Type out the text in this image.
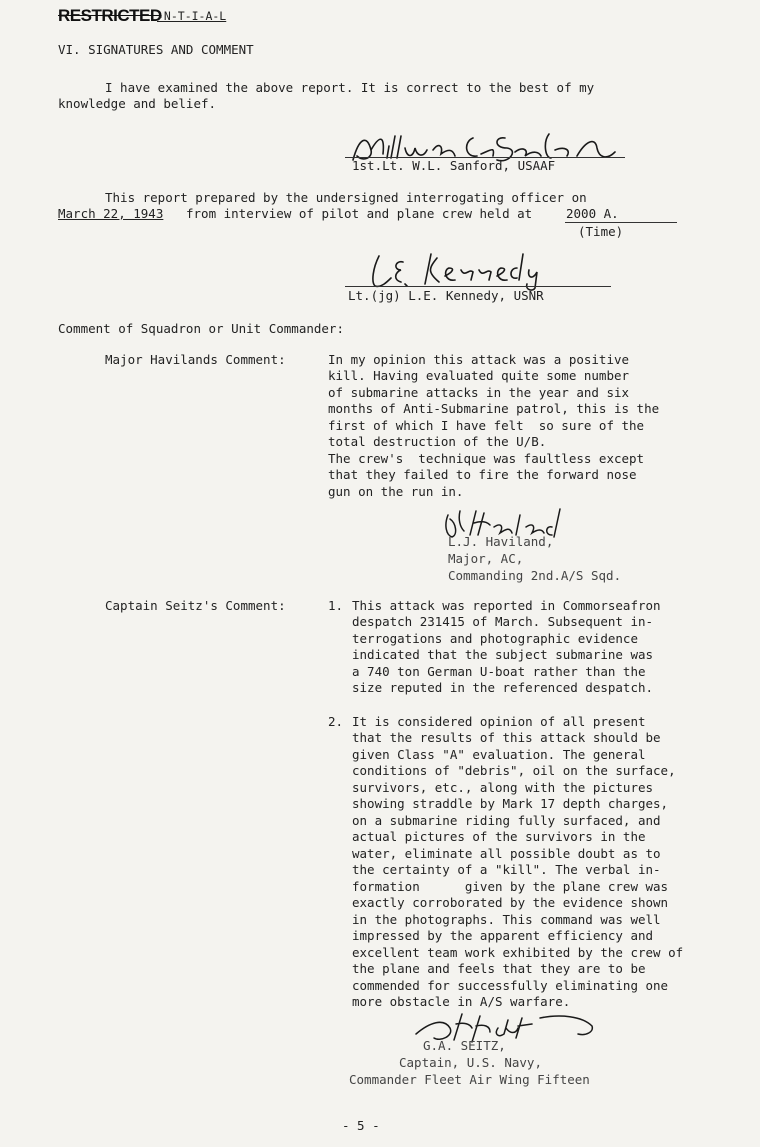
RESTRICTED
-N-T-I-A-L
VI. SIGNATURES AND COMMENT
I have examined the above report. It is correct to the best of my
knowledge and belief.
1st.Lt. W.L. Sanford, USAAF
This report prepared by the undersigned interrogating officer on
March 22, 1943 from interview of pilot and plane crew held at	2000 A.
(Time)
Lt.(jg) L.E. Kennedy, USNR
Comment of Squadron or Unit Commander:
Major Havilands Comment:	In my opinion this attack was a positive
kill. Having evaluated quite some number
of submarine attacks in the year and six
months of Anti-Submarine patrol, this is the
first of which I have felt  so sure of the
total destruction of the U/B.
The crew's  technique was faultless except
that they failed to fire the forward nose
gun on the run in.
L.J. Haviland,
Major, AC,
Commanding 2nd.A/S Sqd.
Captain Seitz's Comment:	1. This attack was reported in Commorseafron
despatch 231415 of March. Subsequent in-
terrogations and photographic evidence
indicated that the subject submarine was
a 740 ton German U-boat rather than the
size reputed in the referenced despatch.
2. It is considered opinion of all present
that the results of this attack should be
given Class "A" evaluation. The general
conditions of "debris", oil on the surface,
survivors, etc., along with the pictures
showing straddle by Mark 17 depth charges,
on a submarine riding fully surfaced, and
actual pictures of the survivors in the
water, eliminate all possible doubt as to
the certainty of a "kill". The verbal in-
formation      given by the plane crew was
exactly corroborated by the evidence shown
in the photographs. This command was well
impressed by the apparent efficiency and
excellent team work exhibited by the crew of
the plane and feels that they are to be
commended for successfully eliminating one
more obstacle in A/S warfare.
G.A. SEITZ,
Captain, U.S. Navy,
Commander Fleet Air Wing Fifteen
- 5 -
